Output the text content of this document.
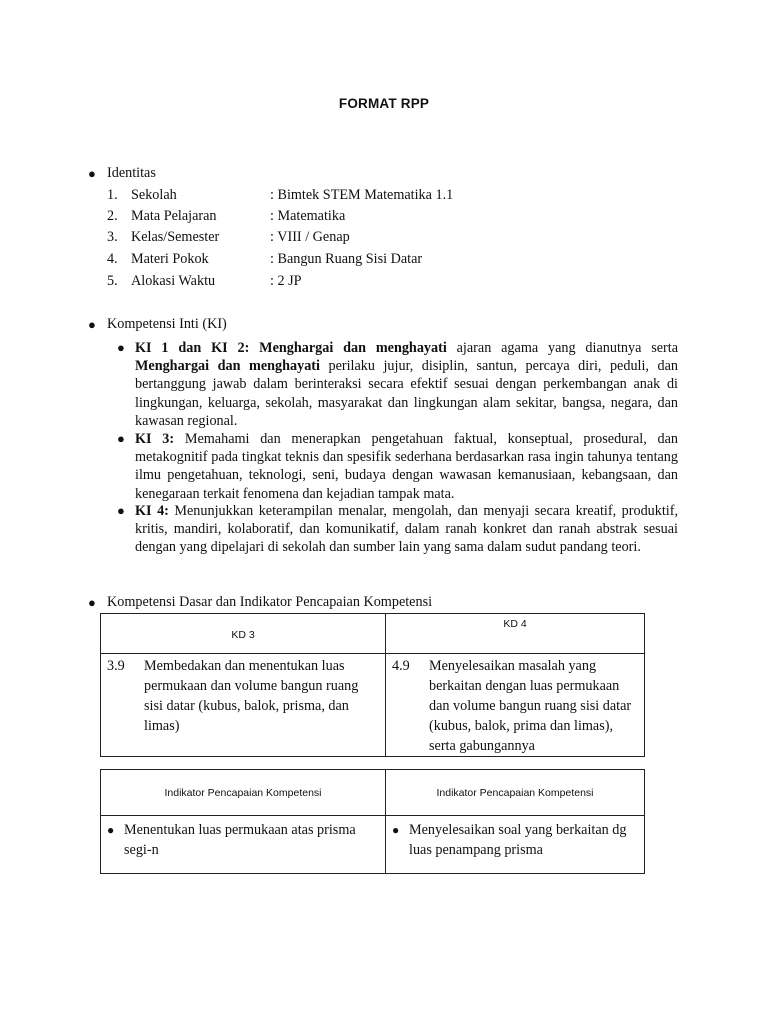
FORMAT RPP
● Identitas
1. Sekolah	: Bimtek STEM Matematika 1.1
2. Mata Pelajaran	: Matematika
3. Kelas/Semester	: VIII / Genap
4. Materi Pokok	: Bangun Ruang Sisi Datar
5. Alokasi Waktu	: 2 JP
● Kompetensi Inti (KI)
● KI 1 dan KI 2: Menghargai dan menghayati ajaran agama yang dianutnya serta Menghargai dan menghayati perilaku jujur, disiplin, santun, percaya diri, peduli, dan bertanggung jawab dalam berinteraksi secara efektif sesuai dengan perkembangan anak di lingkungan, keluarga, sekolah, masyarakat dan lingkungan alam sekitar, bangsa, negara, dan kawasan regional.
● KI 3: Memahami dan menerapkan pengetahuan faktual, konseptual, prosedural, dan metakognitif pada tingkat teknis dan spesifik sederhana berdasarkan rasa ingin tahunya tentang ilmu pengetahuan, teknologi, seni, budaya dengan wawasan kemanusiaan, kebangsaan, dan kenegaraan terkait fenomena dan kejadian tampak mata.
● KI 4: Menunjukkan keterampilan menalar, mengolah, dan menyaji secara kreatif, produktif, kritis, mandiri, kolaboratif, dan komunikatif, dalam ranah konkret dan ranah abstrak sesuai dengan yang dipelajari di sekolah dan sumber lain yang sama dalam sudut pandang teori.
● Kompetensi Dasar dan Indikator Pencapaian Kompetensi
KD 3	KD 4

3.9 Membedakan dan menentukan luas permukaan dan volume bangun ruang sisi datar (kubus, balok, prisma, dan limas)	4.9 Menyelesaikan masalah yang berkaitan dengan luas permukaan dan volume bangun ruang sisi datar (kubus, balok, prima dan limas), serta gabungannya
Indikator Pencapaian Kompetensi	Indikator Pencapaian Kompetensi

● Menentukan luas permukaan atas prisma segi-n	● Menyelesaikan soal yang berkaitan dg luas penampang prisma
